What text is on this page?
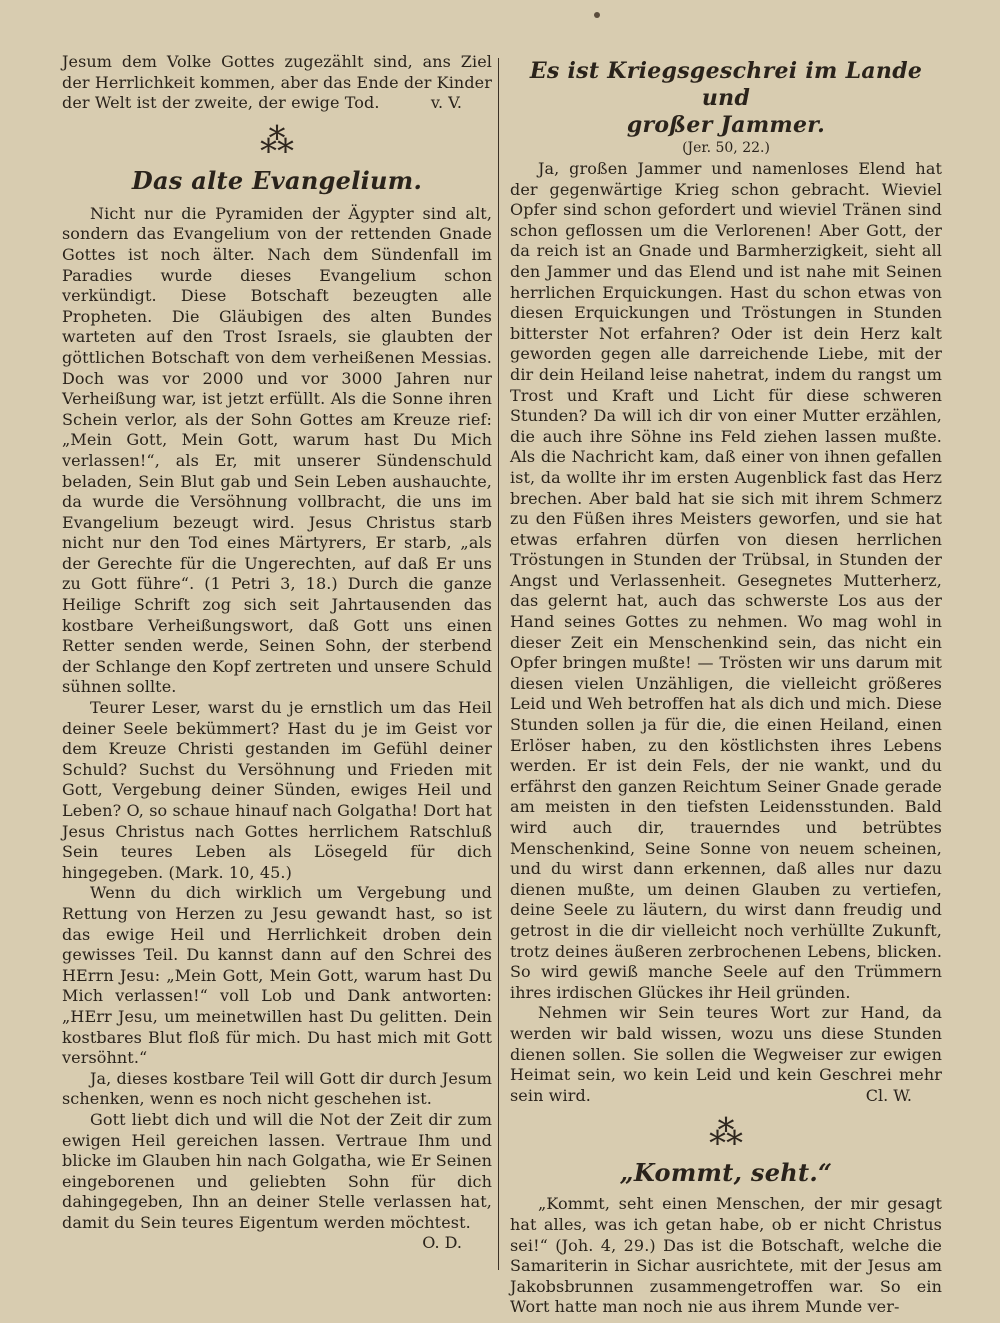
Jesum dem Volke Gottes zugezählt sind, ans Ziel der Herrlichkeit kommen, aber das Ende der Kinder der Welt ist der zweite, der ewige Tod.	v. V.

⁂
Das alte Evangelium.

Nicht nur die Pyramiden der Ägypter sind alt, sondern das Evangelium von der rettenden Gnade Gottes ist noch älter. Nach dem Sündenfall im Paradies wurde dieses Evangelium schon verkündigt. Diese Botschaft bezeugten alle Propheten. Die Gläubigen des alten Bundes warteten auf den Trost Israels, sie glaubten der göttlichen Botschaft von dem verheißenen Messias. Doch was vor 2000 und vor 3000 Jahren nur Verheißung war, ist jetzt erfüllt. Als die Sonne ihren Schein verlor, als der Sohn Gottes am Kreuze rief: „Mein Gott, Mein Gott, warum hast Du Mich verlassen!“, als Er, mit unserer Sündenschuld beladen, Sein Blut gab und Sein Leben aushauchte, da wurde die Versöhnung vollbracht, die uns im Evangelium bezeugt wird. Jesus Christus starb nicht nur den Tod eines Märtyrers, Er starb, „als der Gerechte für die Ungerechten, auf daß Er uns zu Gott führe“. (1 Petri 3, 18.) Durch die ganze Heilige Schrift zog sich seit Jahrtausenden das kostbare Verheißungswort, daß Gott uns einen Retter senden werde, Seinen Sohn, der sterbend der Schlange den Kopf zertreten und unsere Schuld sühnen sollte.

Teurer Leser, warst du je ernstlich um das Heil deiner Seele bekümmert? Hast du je im Geist vor dem Kreuze Christi gestanden im Gefühl deiner Schuld? Suchst du Versöhnung und Frieden mit Gott, Vergebung deiner Sünden, ewiges Heil und Leben? O, so schaue hinauf nach Golgatha! Dort hat Jesus Christus nach Gottes herrlichem Ratschluß Sein teures Leben als Lösegeld für dich hingegeben. (Mark. 10, 45.)

Wenn du dich wirklich um Vergebung und Rettung von Herzen zu Jesu gewandt hast, so ist das ewige Heil und Herrlichkeit droben dein gewisses Teil. Du kannst dann auf den Schrei des HErrn Jesu: „Mein Gott, Mein Gott, warum hast Du Mich verlassen!“ voll Lob und Dank antworten: „HErr Jesu, um meinetwillen hast Du gelitten. Dein kostbares Blut floß für mich. Du hast mich mit Gott versöhnt.“

Ja, dieses kostbare Teil will Gott dir durch Jesum schenken, wenn es noch nicht geschehen ist.

Gott liebt dich und will die Not der Zeit dir zum ewigen Heil gereichen lassen. Vertraue Ihm und blicke im Glauben hin nach Golgatha, wie Er Seinen eingeborenen und geliebten Sohn für dich dahingegeben, Ihn an deiner Stelle verlassen hat, damit du Sein teures Eigentum werden möchtest.

O. D.

Es ist Kriegsgeschrei im Lande und
großer Jammer.

(Jer. 50, 22.)

Ja, großen Jammer und namenloses Elend hat der gegenwärtige Krieg schon gebracht. Wieviel Opfer sind schon gefordert und wieviel Tränen sind schon geflossen um die Verlorenen! Aber Gott, der da reich ist an Gnade und Barmherzigkeit, sieht all den Jammer und das Elend und ist nahe mit Seinen herrlichen Erquickungen. Hast du schon etwas von diesen Erquickungen und Tröstungen in Stunden bitterster Not erfahren? Oder ist dein Herz kalt geworden gegen alle darreichende Liebe, mit der dir dein Heiland leise nahetrat, indem du rangst um Trost und Kraft und Licht für diese schweren Stunden? Da will ich dir von einer Mutter erzählen, die auch ihre Söhne ins Feld ziehen lassen mußte. Als die Nachricht kam, daß einer von ihnen gefallen ist, da wollte ihr im ersten Augenblick fast das Herz brechen. Aber bald hat sie sich mit ihrem Schmerz zu den Füßen ihres Meisters geworfen, und sie hat etwas erfahren dürfen von diesen herrlichen Tröstungen in Stunden der Trübsal, in Stunden der Angst und Verlassenheit. Gesegnetes Mutterherz, das gelernt hat, auch das schwerste Los aus der Hand seines Gottes zu nehmen. Wo mag wohl in dieser Zeit ein Menschenkind sein, das nicht ein Opfer bringen mußte! — Trösten wir uns darum mit diesen vielen Unzähligen, die vielleicht größeres Leid und Weh betroffen hat als dich und mich. Diese Stunden sollen ja für die, die einen Heiland, einen Erlöser haben, zu den köstlichsten ihres Lebens werden. Er ist dein Fels, der nie wankt, und du erfährst den ganzen Reichtum Seiner Gnade gerade am meisten in den tiefsten Leidensstunden. Bald wird auch dir, trauerndes und betrübtes Menschenkind, Seine Sonne von neuem scheinen, und du wirst dann erkennen, daß alles nur dazu dienen mußte, um deinen Glauben zu vertiefen, deine Seele zu läutern, du wirst dann freudig und getrost in die dir vielleicht noch verhüllte Zukunft, trotz deines äußeren zerbrochenen Lebens, blicken. So wird gewiß manche Seele auf den Trümmern ihres irdischen Glückes ihr Heil gründen.

Nehmen wir Sein teures Wort zur Hand, da werden wir bald wissen, wozu uns diese Stunden dienen sollen. Sie sollen die Wegweiser zur ewigen Heimat sein, wo kein Leid und kein Geschrei mehr sein wird.	Cl. W.

⁂
„Kommt, seht.“

„Kommt, seht einen Menschen, der mir gesagt hat alles, was ich getan habe, ob er nicht Christus sei!“ (Joh. 4, 29.) Das ist die Botschaft, welche die Samariterin in Sichar ausrichtete, mit der Jesus am Jakobsbrunnen zusammengetroffen war. So ein Wort hatte man noch nie aus ihrem Munde ver-
